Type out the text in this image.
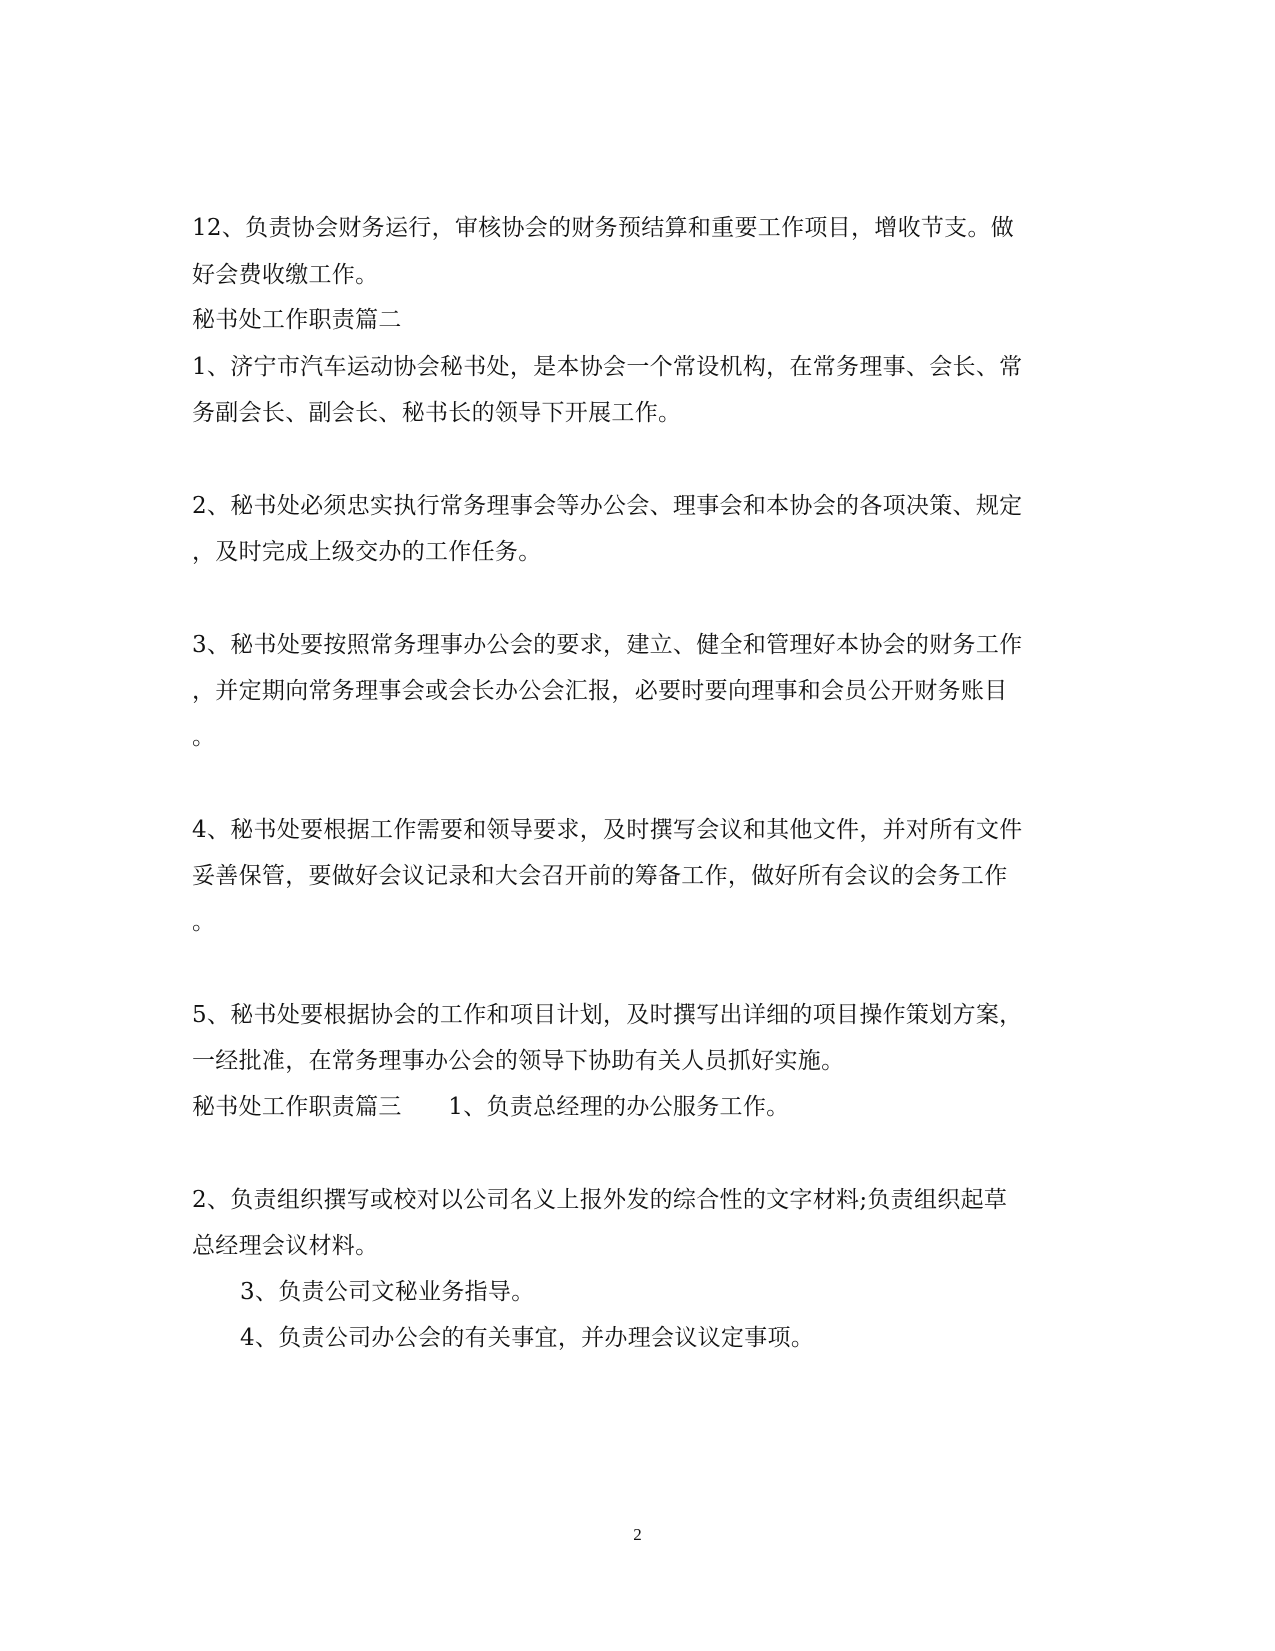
12、负责协会财务运行，审核协会的财务预结算和重要工作项目，增收节支。做
好会费收缴工作。
秘书处工作职责篇二
1、济宁市汽车运动协会秘书处，是本协会一个常设机构，在常务理事、会长、常
务副会长、副会长、秘书长的领导下开展工作。
2、秘书处必须忠实执行常务理事会等办公会、理事会和本协会的各项决策、规定
，及时完成上级交办的工作任务。
3、秘书处要按照常务理事办公会的要求，建立、健全和管理好本协会的财务工作
，并定期向常务理事会或会长办公会汇报，必要时要向理事和会员公开财务账目
。
4、秘书处要根据工作需要和领导要求，及时撰写会议和其他文件，并对所有文件
妥善保管，要做好会议记录和大会召开前的筹备工作，做好所有会议的会务工作
。
5、秘书处要根据协会的工作和项目计划，及时撰写出详细的项目操作策划方案，
一经批准，在常务理事办公会的领导下协助有关人员抓好实施。
秘书处工作职责篇三　　1、负责总经理的办公服务工作。
2、负责组织撰写或校对以公司名义上报外发的综合性的文字材料;负责组织起草
总经理会议材料。
3、负责公司文秘业务指导。
4、负责公司办公会的有关事宜，并办理会议议定事项。
2
